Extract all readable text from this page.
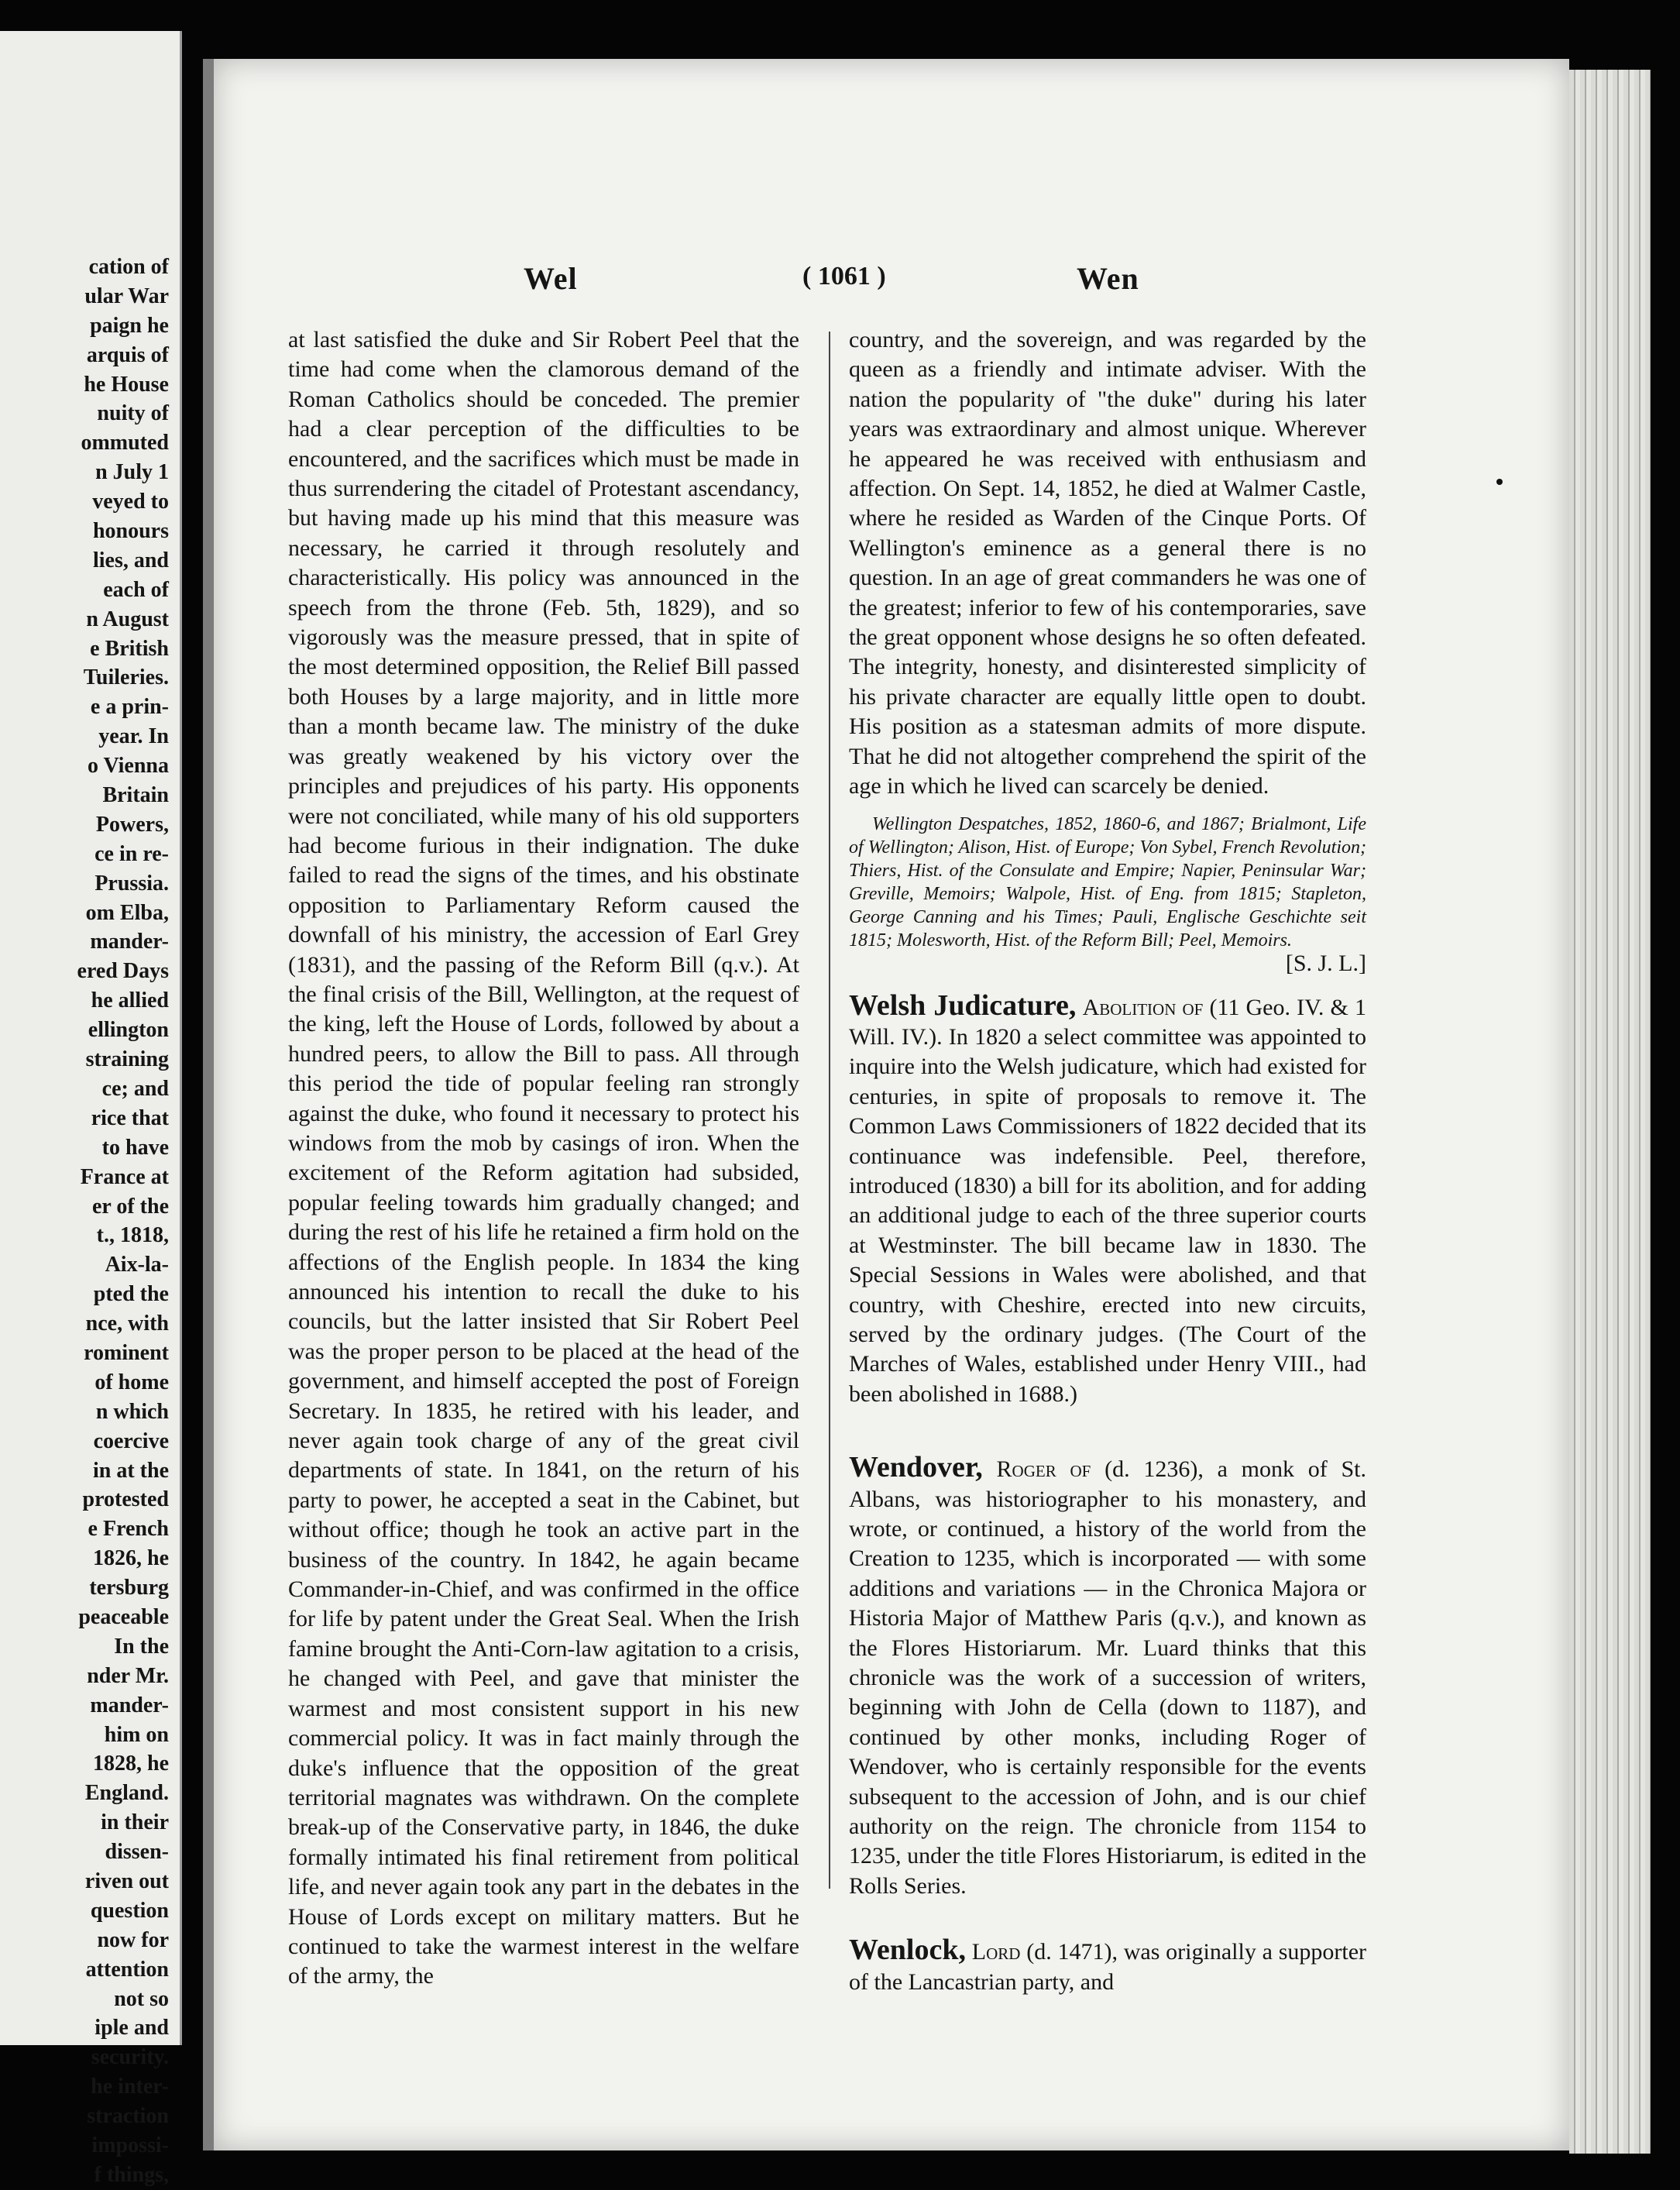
cation of
ular War
paign he
arquis of
he House
nuity of
ommuted
n July 1
veyed to
honours
lies, and
each of
n August
e British
Tuileries.
e a prin-
year. In
o Vienna
Britain
Powers,
ce in re-
Prussia.
om Elba,
mander-
ered Days
he allied
ellington
straining
ce; and
rice that
to have
France at
er of the
t., 1818,
Aix-la-
pted the
nce, with
rominent
of home
n which
coercive
in at the
protested
e French
1826, he
tersburg
peaceable
In the
nder Mr.
mander-
him on
1828, he
England.
in their
dissen-
riven out
question
now for
attention
not so
iple and
security.
he inter-
straction
impossi-
f things,
Wel	( 1061 )	Wen

at last satisfied the duke and Sir Robert Peel that the time had come when the clamorous demand of the Roman Catholics should be conceded. The premier had a clear perception of the difficulties to be encountered, and the sacrifices which must be made in thus surrendering the citadel of Protestant ascendancy, but having made up his mind that this measure was necessary, he carried it through resolutely and characteristically. His policy was announced in the speech from the throne (Feb. 5th, 1829), and so vigorously was the measure pressed, that in spite of the most determined opposition, the Relief Bill passed both Houses by a large majority, and in little more than a month became law. The ministry of the duke was greatly weakened by his victory over the principles and prejudices of his party. His opponents were not conciliated, while many of his old supporters had become furious in their indignation. The duke failed to read the signs of the times, and his obstinate opposition to Parliamentary Reform caused the downfall of his ministry, the accession of Earl Grey (1831), and the passing of the Reform Bill (q.v.). At the final crisis of the Bill, Wellington, at the request of the king, left the House of Lords, followed by about a hundred peers, to allow the Bill to pass. All through this period the tide of popular feeling ran strongly against the duke, who found it necessary to protect his windows from the mob by casings of iron. When the excitement of the Reform agitation had subsided, popular feeling towards him gradually changed; and during the rest of his life he retained a firm hold on the affections of the English people. In 1834 the king announced his intention to recall the duke to his councils, but the latter insisted that Sir Robert Peel was the proper person to be placed at the head of the government, and himself accepted the post of Foreign Secretary. In 1835, he retired with his leader, and never again took charge of any of the great civil departments of state. In 1841, on the return of his party to power, he accepted a seat in the Cabinet, but without office; though he took an active part in the business of the country. In 1842, he again became Commander-in-Chief, and was confirmed in the office for life by patent under the Great Seal. When the Irish famine brought the Anti-Corn-law agitation to a crisis, he changed with Peel, and gave that minister the warmest and most consistent support in his new commercial policy. It was in fact mainly through the duke's influence that the opposition of the great territorial magnates was withdrawn. On the complete break-up of the Conservative party, in 1846, the duke formally intimated his final retirement from political life, and never again took any part in the debates in the House of Lords except on military matters. But he continued to take the warmest interest in the welfare of the army, the

country, and the sovereign, and was regarded by the queen as a friendly and intimate adviser. With the nation the popularity of "the duke" during his later years was extraordinary and almost unique. Wherever he appeared he was received with enthusiasm and affection. On Sept. 14, 1852, he died at Walmer Castle, where he resided as Warden of the Cinque Ports. Of Wellington's eminence as a general there is no question. In an age of great commanders he was one of the greatest; inferior to few of his contemporaries, save the great opponent whose designs he so often defeated. The integrity, honesty, and disinterested simplicity of his private character are equally little open to doubt. His position as a statesman admits of more dispute. That he did not altogether comprehend the spirit of the age in which he lived can scarcely be denied.

Wellington Despatches, 1852, 1860-6, and 1867; Brialmont, Life of Wellington; Alison, Hist. of Europe; Von Sybel, French Revolution; Thiers, Hist. of the Consulate and Empire; Napier, Peninsular War; Greville, Memoirs; Walpole, Hist. of Eng. from 1815; Stapleton, George Canning and his Times; Pauli, Englische Geschichte seit 1815; Molesworth, Hist. of the Reform Bill; Peel, Memoirs.
[S. J. L.]
Welsh Judicature, Abolition of (11 Geo. IV. & 1 Will. IV.). In 1820 a select committee was appointed to inquire into the Welsh judicature, which had existed for centuries, in spite of proposals to remove it. The Common Laws Commissioners of 1822 decided that its continuance was indefensible. Peel, therefore, introduced (1830) a bill for its abolition, and for adding an additional judge to each of the three superior courts at Westminster. The bill became law in 1830. The Special Sessions in Wales were abolished, and that country, with Cheshire, erected into new circuits, served by the ordinary judges. (The Court of the Marches of Wales, established under Henry VIII., had been abolished in 1688.)
Wendover, Roger of (d. 1236), a monk of St. Albans, was historiographer to his monastery, and wrote, or continued, a history of the world from the Creation to 1235, which is incorporated — with some additions and variations — in the Chronica Majora or Historia Major of Matthew Paris (q.v.), and known as the Flores Historiarum. Mr. Luard thinks that this chronicle was the work of a succession of writers, beginning with John de Cella (down to 1187), and continued by other monks, including Roger of Wendover, who is certainly responsible for the events subsequent to the accession of John, and is our chief authority on the reign. The chronicle from 1154 to 1235, under the title Flores Historiarum, is edited in the Rolls Series.
Wenlock, Lord (d. 1471), was originally a supporter of the Lancastrian party, and
